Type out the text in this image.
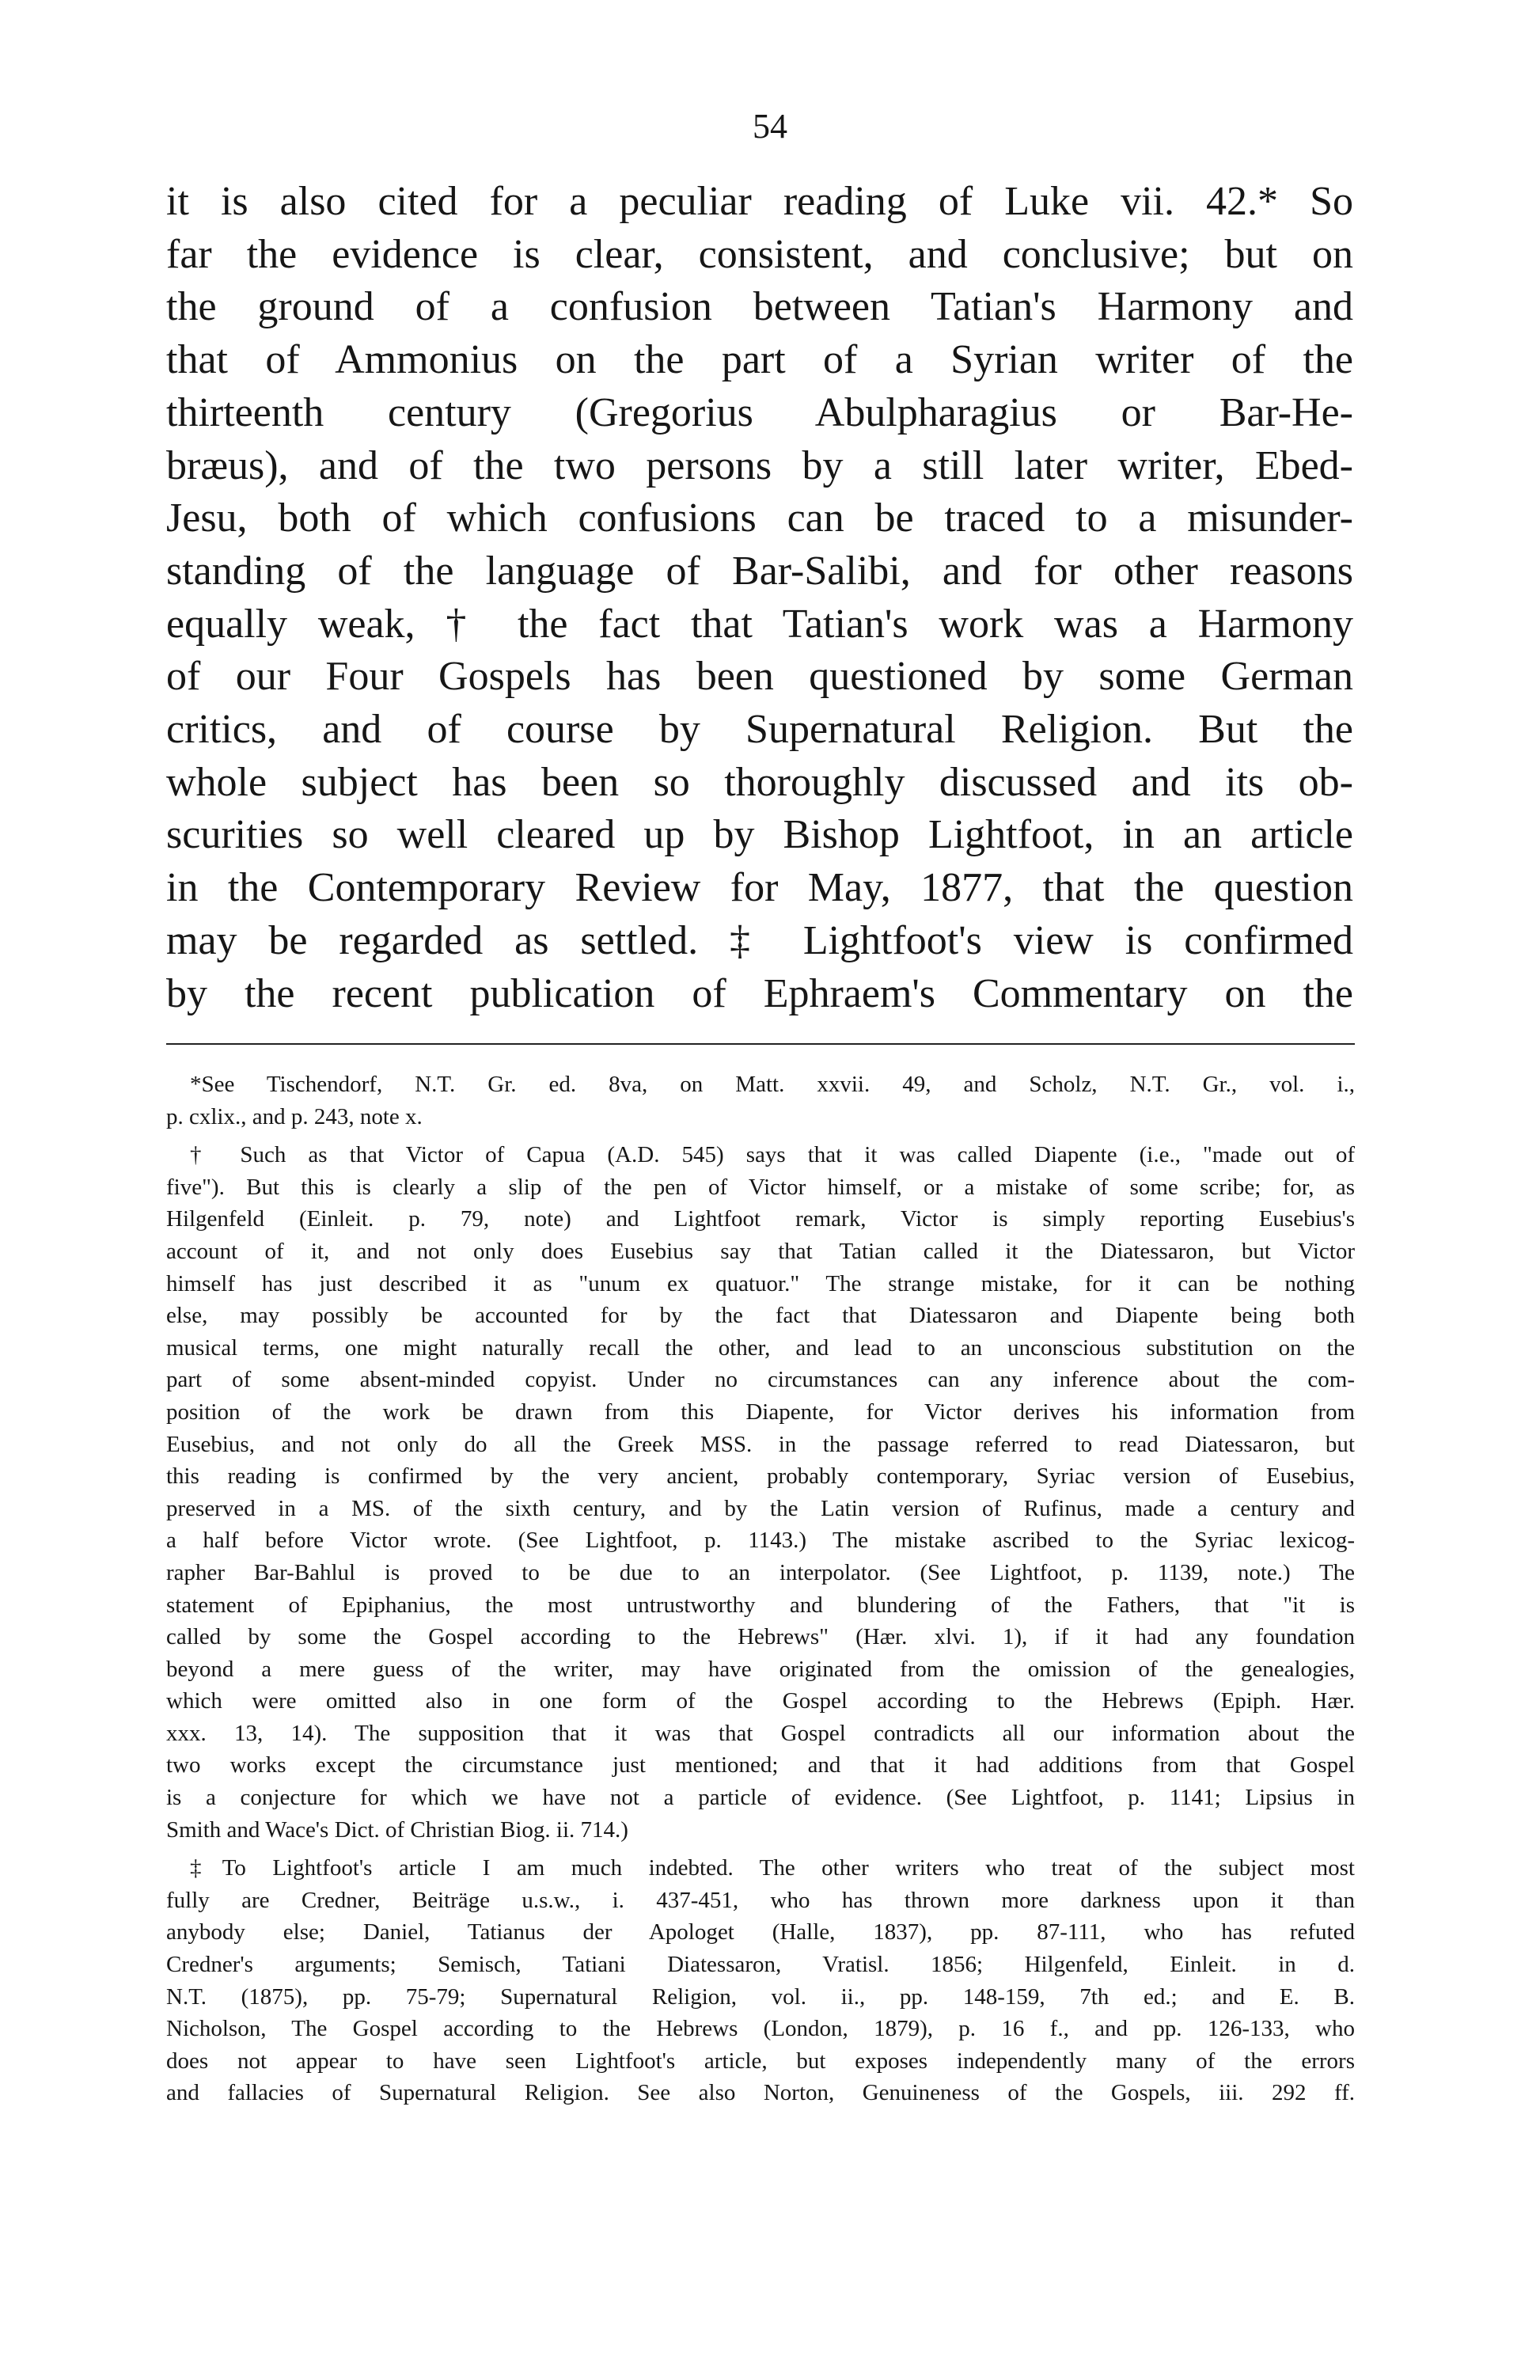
54
it is also cited for a peculiar reading of Luke vii. 42.* So
far the evidence is clear, consistent, and conclusive; but on
the ground of a confusion between Tatian's Harmony and
that of Ammonius on the part of a Syrian writer of the
thirteenth century (Gregorius Abulpharagius or Bar-He-
bræus), and of the two persons by a still later writer, Ebed-
Jesu, both of which confusions can be traced to a misunder-
standing of the language of Bar-Salibi, and for other reasons
equally weak, † the fact that Tatian's work was a Harmony
of our Four Gospels has been questioned by some German
critics, and of course by Supernatural Religion. But the
whole subject has been so thoroughly discussed and its ob-
scurities so well cleared up by Bishop Lightfoot, in an article
in the Contemporary Review for May, 1877, that the question
may be regarded as settled. ‡ Lightfoot's view is confirmed
by the recent publication of Ephraem's Commentary on the
*See Tischendorf, N.T. Gr. ed. 8va, on Matt. xxvii. 49, and Scholz, N.T. Gr., vol. i.,
p. cxlix., and p. 243, note x.
† Such as that Victor of Capua (A.D. 545) says that it was called Diapente (i.e., "made out of
five"). But this is clearly a slip of the pen of Victor himself, or a mistake of some scribe; for, as
Hilgenfeld (Einleit. p. 79, note) and Lightfoot remark, Victor is simply reporting Eusebius's
account of it, and not only does Eusebius say that Tatian called it the Diatessaron, but Victor
himself has just described it as "unum ex quatuor." The strange mistake, for it can be nothing
else, may possibly be accounted for by the fact that Diatessaron and Diapente being both
musical terms, one might naturally recall the other, and lead to an unconscious substitution on the
part of some absent-minded copyist. Under no circumstances can any inference about the com-
position of the work be drawn from this Diapente, for Victor derives his information from
Eusebius, and not only do all the Greek MSS. in the passage referred to read Diatessaron, but
this reading is confirmed by the very ancient, probably contemporary, Syriac version of Eusebius,
preserved in a MS. of the sixth century, and by the Latin version of Rufinus, made a century and
a half before Victor wrote. (See Lightfoot, p. 1143.) The mistake ascribed to the Syriac lexicog-
rapher Bar-Bahlul is proved to be due to an interpolator. (See Lightfoot, p. 1139, note.) The
statement of Epiphanius, the most untrustworthy and blundering of the Fathers, that "it is
called by some the Gospel according to the Hebrews" (Hær. xlvi. 1), if it had any foundation
beyond a mere guess of the writer, may have originated from the omission of the genealogies,
which were omitted also in one form of the Gospel according to the Hebrews (Epiph. Hær.
xxx. 13, 14). The supposition that it was that Gospel contradicts all our information about the
two works except the circumstance just mentioned; and that it had additions from that Gospel
is a conjecture for which we have not a particle of evidence. (See Lightfoot, p. 1141; Lipsius in
Smith and Wace's Dict. of Christian Biog. ii. 714.)
‡To Lightfoot's article I am much indebted. The other writers who treat of the subject most
fully are Credner, Beiträge u.s.w., i. 437-451, who has thrown more darkness upon it than
anybody else; Daniel, Tatianus der Apologet (Halle, 1837), pp. 87-111, who has refuted
Credner's arguments; Semisch, Tatiani Diatessaron, Vratisl. 1856; Hilgenfeld, Einleit. in d.
N.T. (1875), pp. 75-79; Supernatural Religion, vol. ii., pp. 148-159, 7th ed.; and E. B.
Nicholson, The Gospel according to the Hebrews (London, 1879), p. 16 f., and pp. 126-133, who
does not appear to have seen Lightfoot's article, but exposes independently many of the errors
and fallacies of Supernatural Religion. See also Norton, Genuineness of the Gospels, iii. 292 ff.
